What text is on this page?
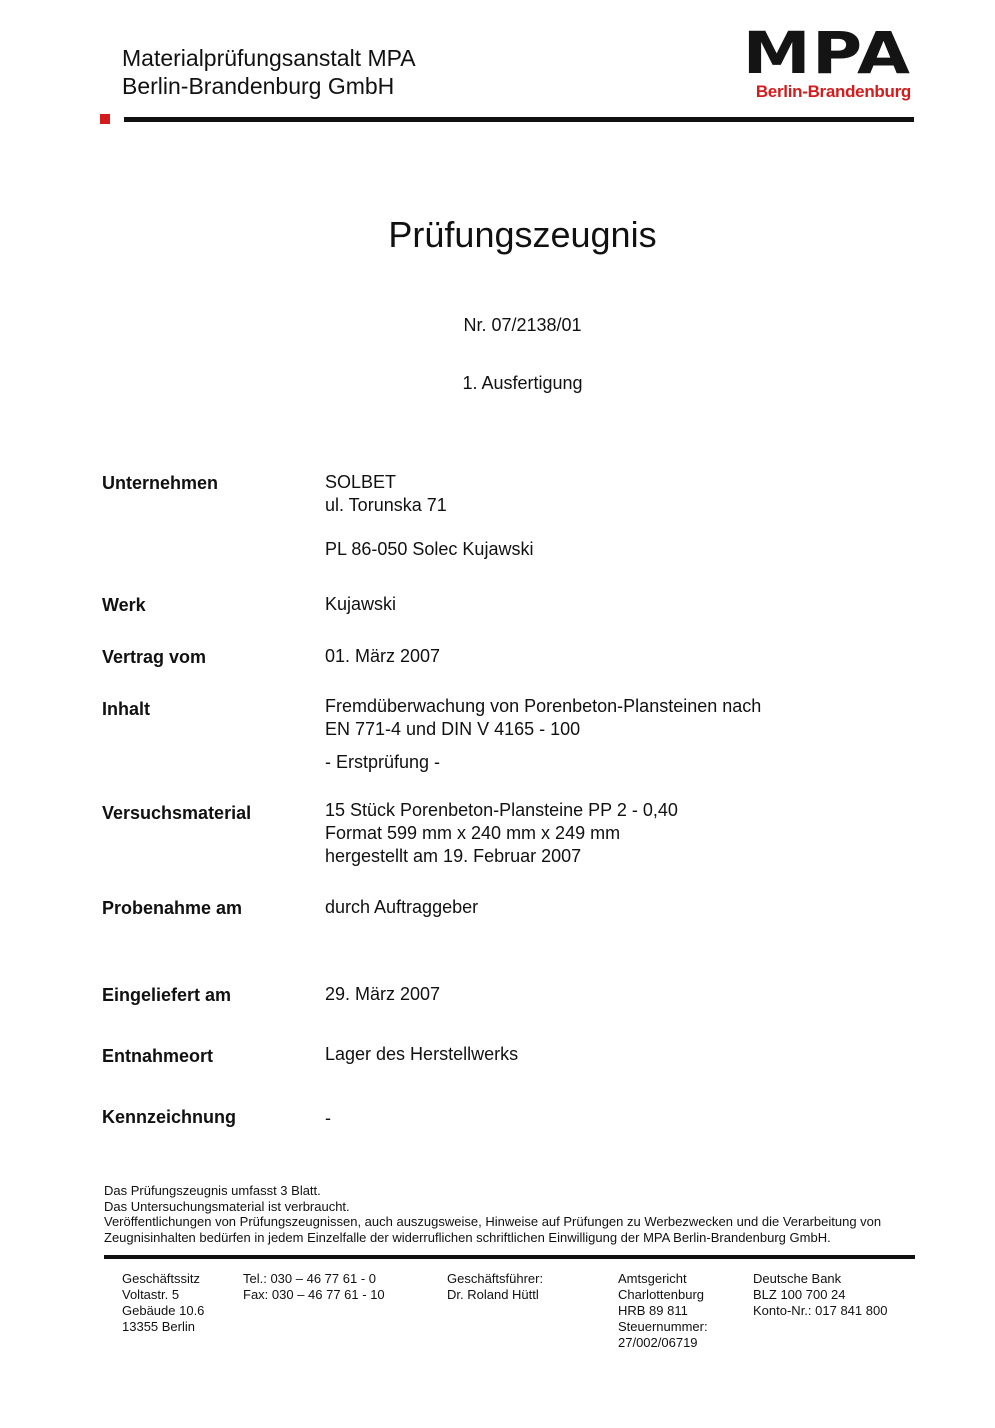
Materialprüfungsanstalt MPA
Berlin-Brandenburg GmbH	MPA
Berlin-Brandenburg
Prüfungszeugnis
Nr. 07/2138/01
1. Ausfertigung
Unternehmen	SOLBET
ul. Torunska 71
PL 86-050 Solec Kujawski
Werk	Kujawski
Vertrag vom	01. März 2007
Inhalt	Fremdüberwachung von Porenbeton-Plansteinen nach
EN 771-4 und DIN V 4165 - 100
- Erstprüfung -
Versuchsmaterial	15 Stück Porenbeton-Plansteine PP 2 - 0,40
Format 599 mm x 240 mm x 249 mm
hergestellt am 19. Februar 2007
Probenahme am	durch Auftraggeber
Eingeliefert am	29. März 2007
Entnahmeort	Lager des Herstellwerks
Kennzeichnung	-
Das Prüfungszeugnis umfasst 3 Blatt.
Das Untersuchungsmaterial ist verbraucht.
Veröffentlichungen von Prüfungszeugnissen, auch auszugsweise, Hinweise auf Prüfungen zu Werbezwecken und die Verarbeitung von
Zeugnisinhalten bedürfen in jedem Einzelfalle der widerruflichen schriftlichen Einwilligung der MPA Berlin-Brandenburg GmbH.
Geschäftssitz
Voltastr. 5
Gebäude 10.6
13355 Berlin
Tel.: 030 – 46 77 61 - 0
Fax: 030 – 46 77 61 - 10
Geschäftsführer:
Dr. Roland Hüttl
Amtsgericht
Charlottenburg
HRB 89 811
Steuernummer:
27/002/06719
Deutsche Bank
BLZ 100 700 24
Konto-Nr.: 017 841 800
